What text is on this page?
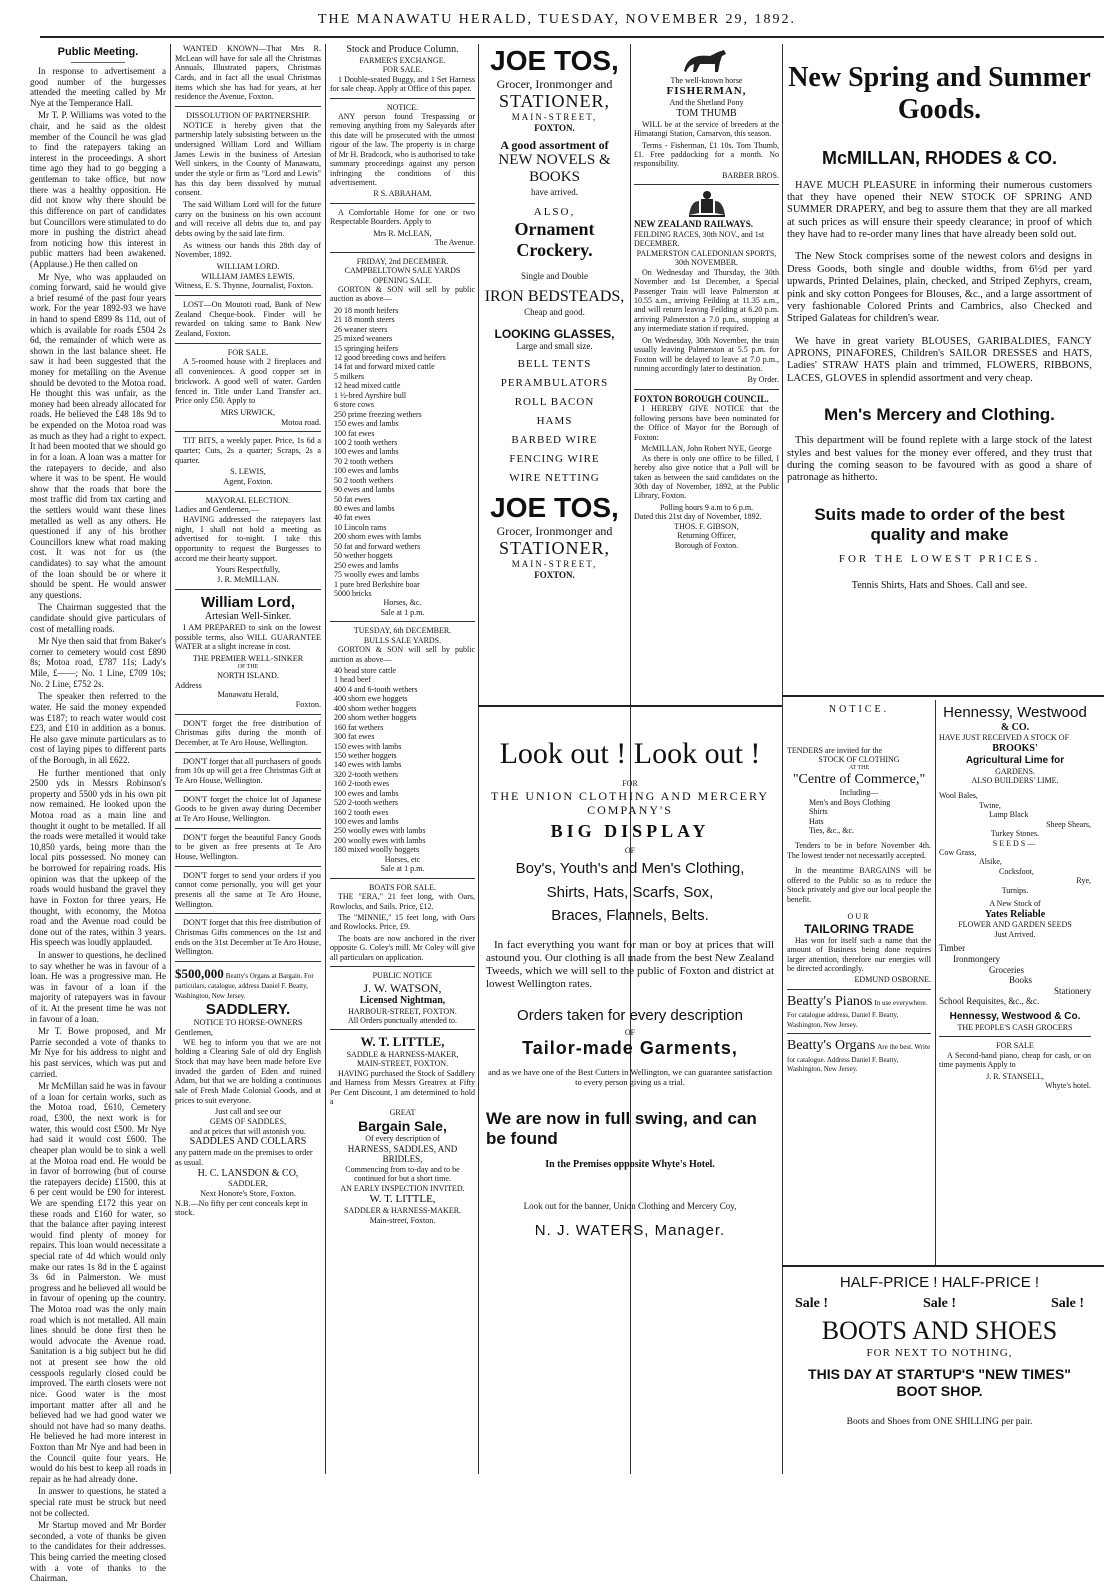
THE MANAWATU HERALD, TUESDAY, NOVEMBER 29, 1892.
Public Meeting.

In response to advertisement a good number of the burgesses attended the meeting called by Mr Nye at the Temperance Hall.

Mr T. P. Williams was voted to the chair, and he said as the oldest member of the Council he was glad to find the ratepayers taking an interest in the proceedings. A short time ago they had to go begging a gentleman to take office, but now there was a healthy opposition. He did not know why there should be this difference on part of candidates but Councillors were stimulated to do more in pushing the district ahead from noticing how this interest in public matters had been awakened. (Applause.) He then called on

Mr Nye, who was applauded on coming forward, said he would give a brief resumé of the past four years work. For the year 1892-93 we have in hand to spend £899 8s 11d, out of which is available for roads £504 2s 6d, the remainder of which were as shown in the last balance sheet. He saw it had been suggested that the money for metalling on the Avenue should be devoted to the Motoa road. He thought this was unfair, as the money had been already allocated for roads. He believed the £48 18s 9d to be expended on the Motoa road was as much as they had a right to expect. It had been mooted that we should go in for a loan. A loan was a matter for the ratepayers to decide, and also where it was to be spent. He would show that the roads that bore the most traffic did from tax carting and the settlers would want these lines metalled as well as any others. He questioned if any of his brother Councillors knew what road making cost. It was not for us (the candidates) to say what the amount of the loan should be or where it should be spent. He would answer any questions.

The Chairman suggested that the candidate should give particulars of cost of metalling roads.

Mr Nye then said that from Baker's corner to cemetery would cost £890 8s; Motoa road, £787 11s; Lady's Mile, £——; No. 1 Line, £709 10s; No. 2 Line, £752 2s.

The speaker then referred to the water. He said the money expended was £187; to reach water would cost £23, and £10 in addition as a bonus. He also gave minute particulars as to cost of laying pipes to different parts of the Borough, in all £622.

He further mentioned that only 2500 yds in Messrs Robinson's property and 5500 yds in his own pit now remained. He looked upon the Motoa road as a main line and thought it ought to be metalled. If all the roads were metalled it would take 10,850 yards, being more than the local pits possessed. No money can be borrowed for repairing roads. His opinion was that the upkeep of the roads would husband the gravel they have in Foxton for three years, He thought, with economy, the Motoa road and the Avenue road could be done out of the rates, within 3 years. His speech was loudly applauded.

In answer to questions, he declined to say whether he was in favour of a loan. He was a progressive man. He was in favour of a loan if the majority of ratepayers was in favour of it. At the present time he was not in favour of a loan.

Mr T. Bowe proposed, and Mr Parrie seconded a vote of thanks to Mr Nye for his address to night and his past services, which was put and carried.

Mr McMillan said he was in favour of a loan for certain works, such as the Motoa road, £610, Cemetery road, £300, the next work is for water, this would cost £500. Mr Nye had said it would cost £600. The cheaper plan would be to sink a well at the Motoa road end. He would be in favor of borrowing (but of course the ratepayers decide) £1500, this at 6 per cent would be £90 for interest. We are spending £172 this year on these roads and £160 for water, so that the balance after paying interest would find plenty of money for repairs. This loan would necessitate a special rate of 4d which would only make our rates 1s 8d in the £ against 3s 6d in Palmerston. We must progress and he believed all would be in favour of opening up the country. The Motoa road was the only main road which is not metalled. All main lines should be done first then he would advocate the Avenue road. Sanitation is a big subject but he did not at present see how the old cesspools regularly closed could be improved. The earth closets were not nice. Good water is the most important matter after all and he believed had we had good water we should not have had so many deaths. He believed he had more interest in Foxton than Mr Nye and had been in the Council quite four years. He would do his best to keep all roads in repair as he had already done.

In answer to questions, he stated a special rate must be struck but need not be collected.

Mr Startup moved and Mr Border seconded, a vote of thanks be given to the candidates for their addresses. This being carried the meeting closed with a vote of thanks to the Chairman.

WANTED KNOWN—That Mrs R. McLean will have for sale all the Christmas Annuals, Illustrated papers, Christmas Cards, and in fact all the usual Christmas items which she has had for years, at her residence the Avenue, Foxton.

DISSOLUTION OF PARTNERSHIP.

NOTICE is hereby given that the partnership lately subsisting between us the undersigned William Lord and William James Lewis in the business of Artesian Well sinkers, in the County of Manawatu, under the style or firm as "Lord and Lewis" has this day been dissolved by mutual consent.

The said William Lord will for the future carry on the business on his own account and will receive all debts due to, and pay debts owing by the said late firm.

As witness our hands this 28th day of November, 1892.

WILLIAM LORD.
WILLIAM JAMES LEWIS.
Witness, E. S. Thynne, Journalist, Foxton.

LOST—On Moutoti road, Bank of New Zealand Cheque-book. Finder will be rewarded on taking same to Bank New Zealand, Foxton.

FOR SALE.

A 5-roomed house with 2 fireplaces and all conveniences. A good copper set in brickwork. A good well of water. Garden fenced in. Title under Land Transfer act. Price only £50. Apply to

MRS URWICK,
Motoa road.

TIT BITS, a weekly paper. Price, 1s 6d a quarter; Cuts, 2s a quarter; Scraps, 2s a quarter.

S. LEWIS,
Agent, Foxton.
MAYORAL ELECTION.
Ladies and Gentlemen,—

HAVING addressed the ratepayers last night, I shall not hold a meeting as advertised for to-night. I take this opportunity to request the Burgesses to accord me their hearty support.

Yours Respectfully,
J. R. McMILLAN.
William Lord,
Artesian Well-Sinker.

I AM PREPARED to sink on the lowest possible terms, also WILL GUARANTEE WATER at a slight increase in cost.

THE PREMIER WELL-SINKER
OF THE
NORTH ISLAND.
Address
Manawatu Herald,
Foxton.

DON'T forget the free distribution of Christmas gifts during the month of December, at Te Aro House, Wellington.

DON'T forget that all purchasers of goods from 10s up will get a free Christmas Gift at Te Aro House, Wellington.

DON'T forget the choice lot of Japanese Goods to be given away during December at Te Aro House, Wellington.

DON'T forget the beautiful Fancy Goods to be given as free presents at Te Aro House, Wellington.

DON'T forget to send your orders if you cannot come personally, you will get your presents all the same at Te Aro House, Wellington.

DON'T forget that this free distribution of Christmas Gifts commences on the 1st and ends on the 31st December at Te Aro House, Wellington.

$500,000 Beatty's Organs at Bargain. For particulars, catalogue, address Daniel F. Beatty, Washington, New Jersey.
SADDLERY.
NOTICE TO HORSE-OWNERS
Gentlemen,

WE beg to inform you that we are not holding a Clearing Sale of old dry English Stock that may have been made before Eve invaded the garden of Eden and ruined Adam, but that we are holding a continuous sale of Fresh Made Colonial Goods, and at prices to suit everyone.

Just call and see our
GEMS OF SADDLES,
and at prices that will astonish you.
SADDLES AND COLLARS
any pattern made on the premises to order as usual.
H. C. LANSDON & CO,
SADDLER,
Next Honore's Store, Foxton.
N.B.—No fifty per cent conceals kept in stock.
Stock and Produce Column.
FARMER'S EXCHANGE.
FOR SALE.

1 Double-seated Buggy, and 1 Set Harness for sale cheap. Apply at Office of this paper.

NOTICE.

ANY person found Trespassing or removing anything from my Saleyards after this date will be prosecuted with the utmost rigour of the law. The property is in charge of Mr H. Bradcock, who is authorised to take summary proceedings against any person infringing the conditions of this advertisement.

R S. ABRAHAM.

A Comfortable Home for one or two Respectable Boarders. Apply to

Mrs R. McLEAN,
The Avenue.
FRIDAY, 2nd DECEMBER.
CAMPBELLTOWN SALE YARDS
OPENING SALE.

GORTON & SON will sell by public auction as above—

20 18 month heifers
21 18 month steers
26 weaner steers
25 mixed weaners
15 springing heifers
12 good breeding cows and heifers
14 fat and forward mixed cattle
5 milkers
12 head mixed cattle
1 ½-bred Ayrshire bull
6 store cows
250 prime freezing wethers
150 ewes and lambs
100 fat ewes
100 2 tooth wethers
100 ewes and lambs
70 2 tooth wethers
100 ewes and lambs
50 2 tooth wethers
90 ewes and lambs
50 fat ewes
80 ewes and lambs
40 fat ewes
10 Lincoln rams
200 shorn ewes with lambs
50 fat and forward wethers
50 wether hoggets
250 ewes and lambs
75 woolly ewes and lambs
1 pure bred Berkshire boar
5000 bricks
Horses, &c.
Sale at 1 p.m.
TUESDAY, 6th DECEMBER.
BULLS SALE YARDS.

GORTON & SON will sell by public auction as above—

40 head store cattle
1 head beef
400 4 and 6-tooth wethers
400 shorn ewe hoggets
400 shorn wether hoggets
200 shorn wether hoggets
160 fat wethers
300 fat ewes
150 ewes with lambs
150 wether hoggets
140 ewes with lambs
320 2-tooth wethers
160 2-tooth ewes
100 ewes and lambs
520 2-tooth wethers
160 2 tooth ewes
100 ewes and lambs
250 woolly ewes with lambs
200 woolly ewes with lambs
180 mixed woolly hoggets
Horses, etc
Sale at 1 p.m.
BOATS FOR SALE.

THE "ERA," 21 feet long, with Oars, Rowlocks, and Sails. Price, £12.

The "MINNIE," 15 feet long, with Oars and Rowlocks. Price, £9.

The boats are now anchored in the river opposite G. Coley's mill. Mr Coley will give all particulars on application.

PUBLIC NOTICE
J. W. WATSON,
Licensed Nightman,
HARBOUR-STREET, FOXTON.
All Orders punctually attended to.
W. T. LITTLE,
SADDLE & HARNESS-MAKER,
MAIN-STREET, FOXTON.

HAVING purchased the Stock of Saddlery and Harness from Messrs Greatrex at Fifty Per Cent Discount, I am determined to hold a

GREAT
Bargain Sale,
Of every description of
HARNESS, SADDLES, AND BRIDLES,
Commencing from to-day and to be continued for but a short time.
AN EARLY INSPECTION INVITED.
W. T. LITTLE,
SADDLER & HARNESS-MAKER.
Main-street, Foxton.
JOE TOS,
Grocer, Ironmonger and
STATIONER,
MAIN-STREET,
FOXTON.
A good assortment of
NEW NOVELS & BOOKS
have arrived.
ALSO,
Ornament Crockery.
Single and Double
IRON BEDSTEADS,
Cheap and good.
LOOKING GLASSES,
Large and small size.
BELL TENTS
PERAMBULATORS
ROLL BACON
HAMS
BARBED WIRE
FENCING WIRE
WIRE NETTING
JOE TOS,
Grocer, Ironmonger and
STATIONER,
MAIN-STREET,
FOXTON.
The well-known horse
FISHERMAN,
And the Shetland Pony
TOM THUMB

WILL be at the service of breeders at the Himatangi Station, Carnarvon, this season.

Terms - Fisherman, £1 10s. Tom Thumb, £1. Free paddocking for a month. No responsibility.

BARBER BROS.
NEW ZEALAND RAILWAYS.
FEILDING RACES, 30th NOV., and 1st DECEMBER.
PALMERSTON CALEDONIAN SPORTS, 30th NOVEMBER.

On Wednesday and Thursday, the 30th November and 1st December, a Special Passenger Train will leave Palmerston at 10.55 a.m., arriving Feilding at 11.35 a.m., and will return leaving Feilding at 6.20 p.m. arriving Palmerston a 7.0 p.m., stopping at any intermediate station if required.

On Wednesday, 30th November, the train usually leaving Palmerston at 5.5 p.m. for Foxton will be delayed to leave at 7.0 p.m., running accordingly later to destination.

By Order.
FOXTON BOROUGH COUNCIL.

I HEREBY GIVE NOTICE that the following persons have been nominated for the Office of Mayor for the Borough of Foxton:

McMILLAN, John Robert NYE, George

As there is only one office to be filled, I hereby also give notice that a Poll will be taken as between the said candidates on the 30th day of November, 1892, at the Public Library, Foxton.

Polling hours 9 a.m to 6 p.m.
Dated this 21st day of November, 1892.
THOS. F. GIBSON,
Returning Officer,
Borough of Foxton.
Look out ! Look out !
FOR
THE UNION CLOTHING AND MERCERY COMPANY'S
BIG DISPLAY
OF
Boy's, Youth's and Men's Clothing,
Shirts, Hats, Scarfs, Sox,
Braces, Flannels, Belts.

In fact everything you want for man or boy at prices that will astound you. Our clothing is all made from the best New Zealand Tweeds, which we will sell to the public of Foxton and district at lowest Wellington rates.

Orders taken for every description
OF
Tailor-made Garments,

and as we have one of the Best Cutters in Wellington, we can guarantee satisfaction to every person giving us a trial.

We are now in full swing, and can be found
In the Premises opposite Whyte's Hotel.
Look out for the banner, Union Clothing and Mercery Coy,
N. J. WATERS, Manager.
New Spring and Summer Goods.
McMILLAN, RHODES & CO.

HAVE MUCH PLEASURE in informing their numerous customers that they have opened their NEW STOCK OF SPRING AND SUMMER DRAPERY, and beg to assure them that they are all marked at such prices as will ensure their speedy clearance; in proof of which they have had to re-order many lines that have already been sold out.

The New Stock comprises some of the newest colors and designs in Dress Goods, both single and double widths, from 6½d per yard upwards, Printed Delaines, plain, checked, and Striped Zephyrs, cream, pink and sky cotton Pongees for Blouses, &c., and a large assortment of very fashionable Colored Prints and Cambrics, also Checked and Striped Galateas for children's wear.

We have in great variety BLOUSES, GARIBALDIES, FANCY APRONS, PINAFORES, Children's SAILOR DRESSES and HATS, Ladies' STRAW HATS plain and trimmed, FLOWERS, RIBBONS, LACES, GLOVES in splendid assortment and very cheap.

Men's Mercery and Clothing.

This department will be found replete with a large stock of the latest styles and best values for the money ever offered, and they trust that during the coming season to be favoured with as good a share of patronage as hitherto.

Suits made to order of the best quality and make
FOR THE LOWEST PRICES.
Tennis Shirts, Hats and Shoes. Call and see.
NOTICE.
TENDERS are invited for the
STOCK OF CLOTHING
AT THE
"Centre of Commerce,"
Including—
Men's and Boys Clothing
Shirts
Hats
Ties, &c., &c.

Tenders to be in before November 4th. The lowest tender not necessarily accepted.

In the meantime BARGAINS will be offered to the Public so as to reduce the Stock privately and give our local people the benefit.

OUR
TAILORING TRADE

Has won for itself such a name that the amount of Business being done requires larger attention, therefore our energies will be directed accordingly.

EDMUND OSBORNE.
Beatty's Pianos In use everywhere. For catalogue address, Daniel F. Beatty, Washington, New Jersey.
Beatty's Organs Are the best. Write for catalogue. Address Daniel F. Beatty, Washington, New Jersey.
Hennessy, Westwood
& CO.
HAVE JUST RECEIVED A STOCK OF
BROOKS'
Agricultural Lime for
GARDENS.
ALSO BUILDERS' LIME.
Wool Bales,
Twine,
Lamp Black
Sheep Shears,
Turkey Stones.
SEEDS—
Cow Grass,
Alsike,
Cocksfoot,
Rye,
Turnips.
A New Stock of
Yates Reliable
FLOWER AND GARDEN SEEDS
Just Arrived.
Timber
Ironmongery
Groceries
Books
Stationery
School Requisites, &c., &c.
Hennessy, Westwood & Co.
THE PEOPLE'S CASH GROCERS
FOR SALE

A Second-hand piano, cheap for cash, or on time payments Apply to

J. R. STANSELL,
Whyte's hotel.
HALF-PRICE ! HALF-PRICE !
Sale !	Sale !	Sale !
BOOTS AND SHOES
FOR NEXT TO NOTHING,
THIS DAY AT STARTUP'S "NEW TIMES" BOOT SHOP.
Boots and Shoes from ONE SHILLING per pair.
